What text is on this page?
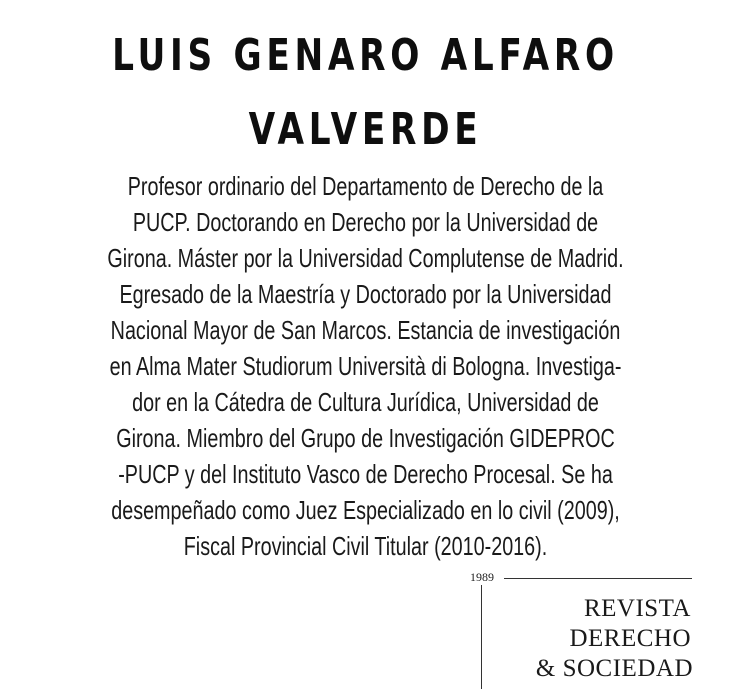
LUIS GENARO ALFARO
VALVERDE
Profesor ordinario del Departamento de Derecho de la
PUCP. Doctorando en Derecho por la Universidad de
Girona. Máster por la Universidad Complutense de Madrid.
Egresado de la Maestría y Doctorado por la Universidad
Nacional Mayor de San Marcos. Estancia de investigación
en Alma Mater Studiorum Università di Bologna. Investiga-
dor en la Cátedra de Cultura Jurídica, Universidad de
Girona. Miembro del Grupo de Investigación GIDEPROC
-PUCP y del Instituto Vasco de Derecho Procesal. Se ha
desempeñado como Juez Especializado en lo civil (2009),
Fiscal Provincial Civil Titular (2010-2016).
1989
REVISTA
DERECHO
& SOCIEDAD
